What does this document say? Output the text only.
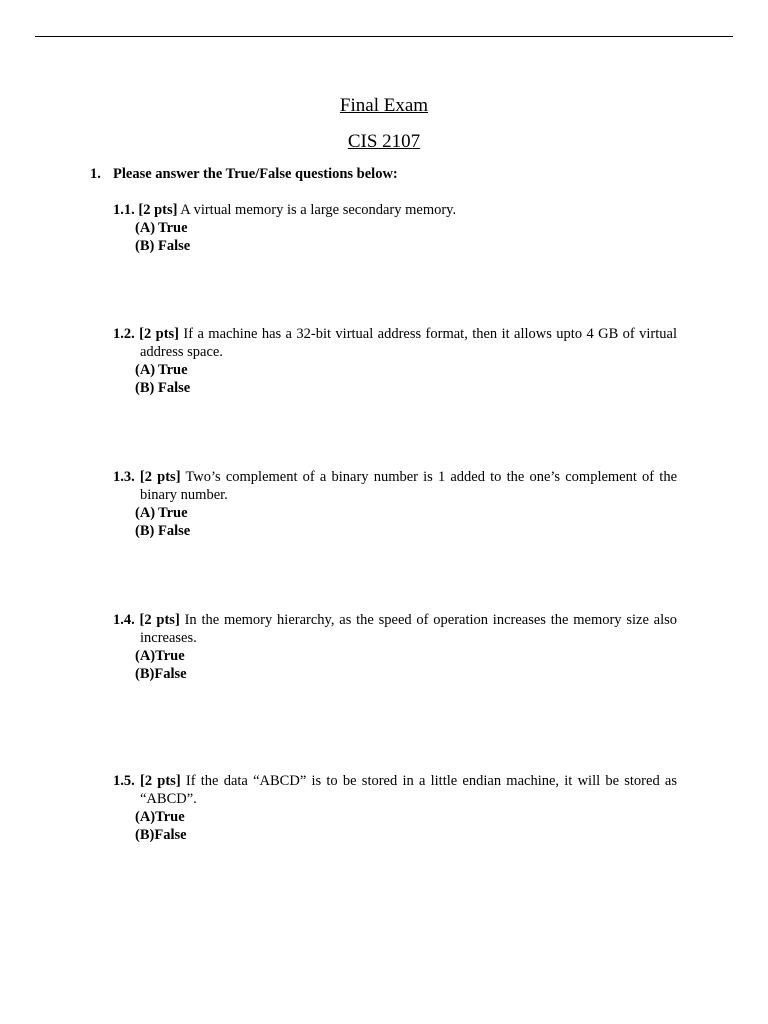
Final Exam
CIS 2107
1. Please answer the True/False questions below:
1.1. [2 pts] A virtual memory is a large secondary memory.
(A) True
(B) False
1.2. [2 pts] If a machine has a 32-bit virtual address format, then it allows upto 4 GB of virtual address space.
(A) True
(B) False
1.3. [2 pts] Two’s complement of a binary number is 1 added to the one’s complement of the binary number.
(A) True
(B) False
1.4. [2 pts] In the memory hierarchy, as the speed of operation increases the memory size also increases.
(A)True
(B)False
1.5. [2 pts] If the data “ABCD” is to be stored in a little endian machine, it will be stored as “ABCD”.
(A)True
(B)False
